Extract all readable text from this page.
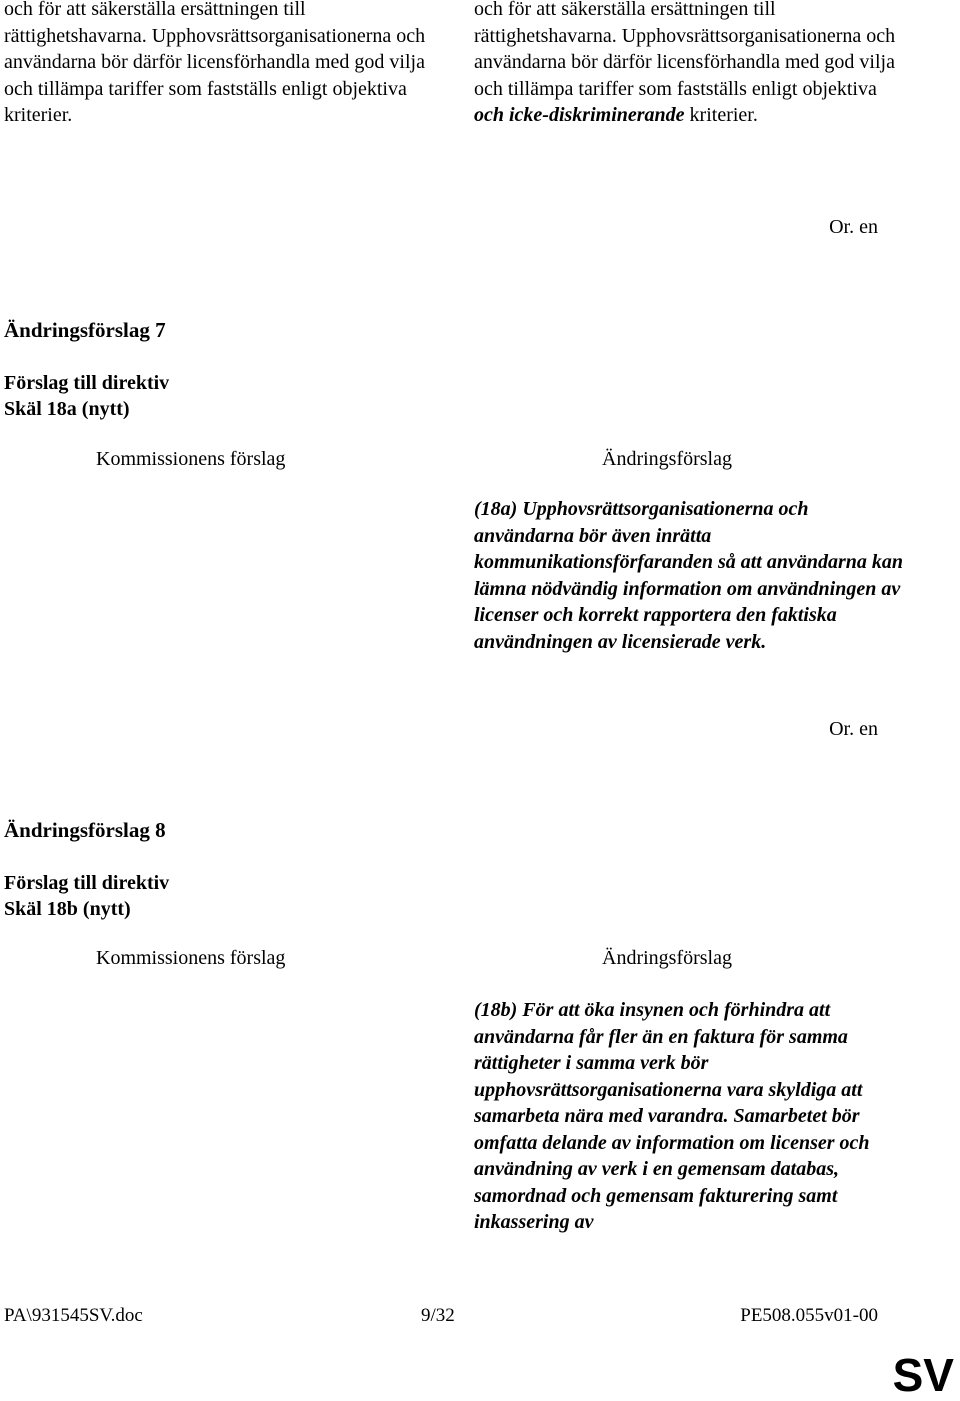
och för att säkerställa ersättningen till rättighetshavarna. Upphovsrättsorganisationerna och användarna bör därför licensförhandla med god vilja och tillämpa tariffer som fastställs enligt objektiva kriterier.

och för att säkerställa ersättningen till rättighetshavarna. Upphovsrättsorganisationerna och användarna bör därför licensförhandla med god vilja och tillämpa tariffer som fastställs enligt objektiva och icke-diskriminerande kriterier.

Or. en
Ändringsförslag 7
Förslag till direktiv
Skäl 18a (nytt)
Kommissionens förslag	Ändringsförslag

(18a) Upphovsrättsorganisationerna och användarna bör även inrätta kommunikationsförfaranden så att användarna kan lämna nödvändig information om användningen av licenser och korrekt rapportera den faktiska användningen av licensierade verk.

Or. en
Ändringsförslag 8
Förslag till direktiv
Skäl 18b (nytt)
Kommissionens förslag	Ändringsförslag

(18b) För att öka insynen och förhindra att användarna får fler än en faktura för samma rättigheter i samma verk bör upphovsrättsorganisationerna vara skyldiga att samarbeta nära med varandra. Samarbetet bör omfatta delande av information om licenser och användning av verk i en gemensam databas, samordnad och gemensam fakturering samt inkassering av

PA\931545SV.doc	9/32	PE508.055v01-00
SV
